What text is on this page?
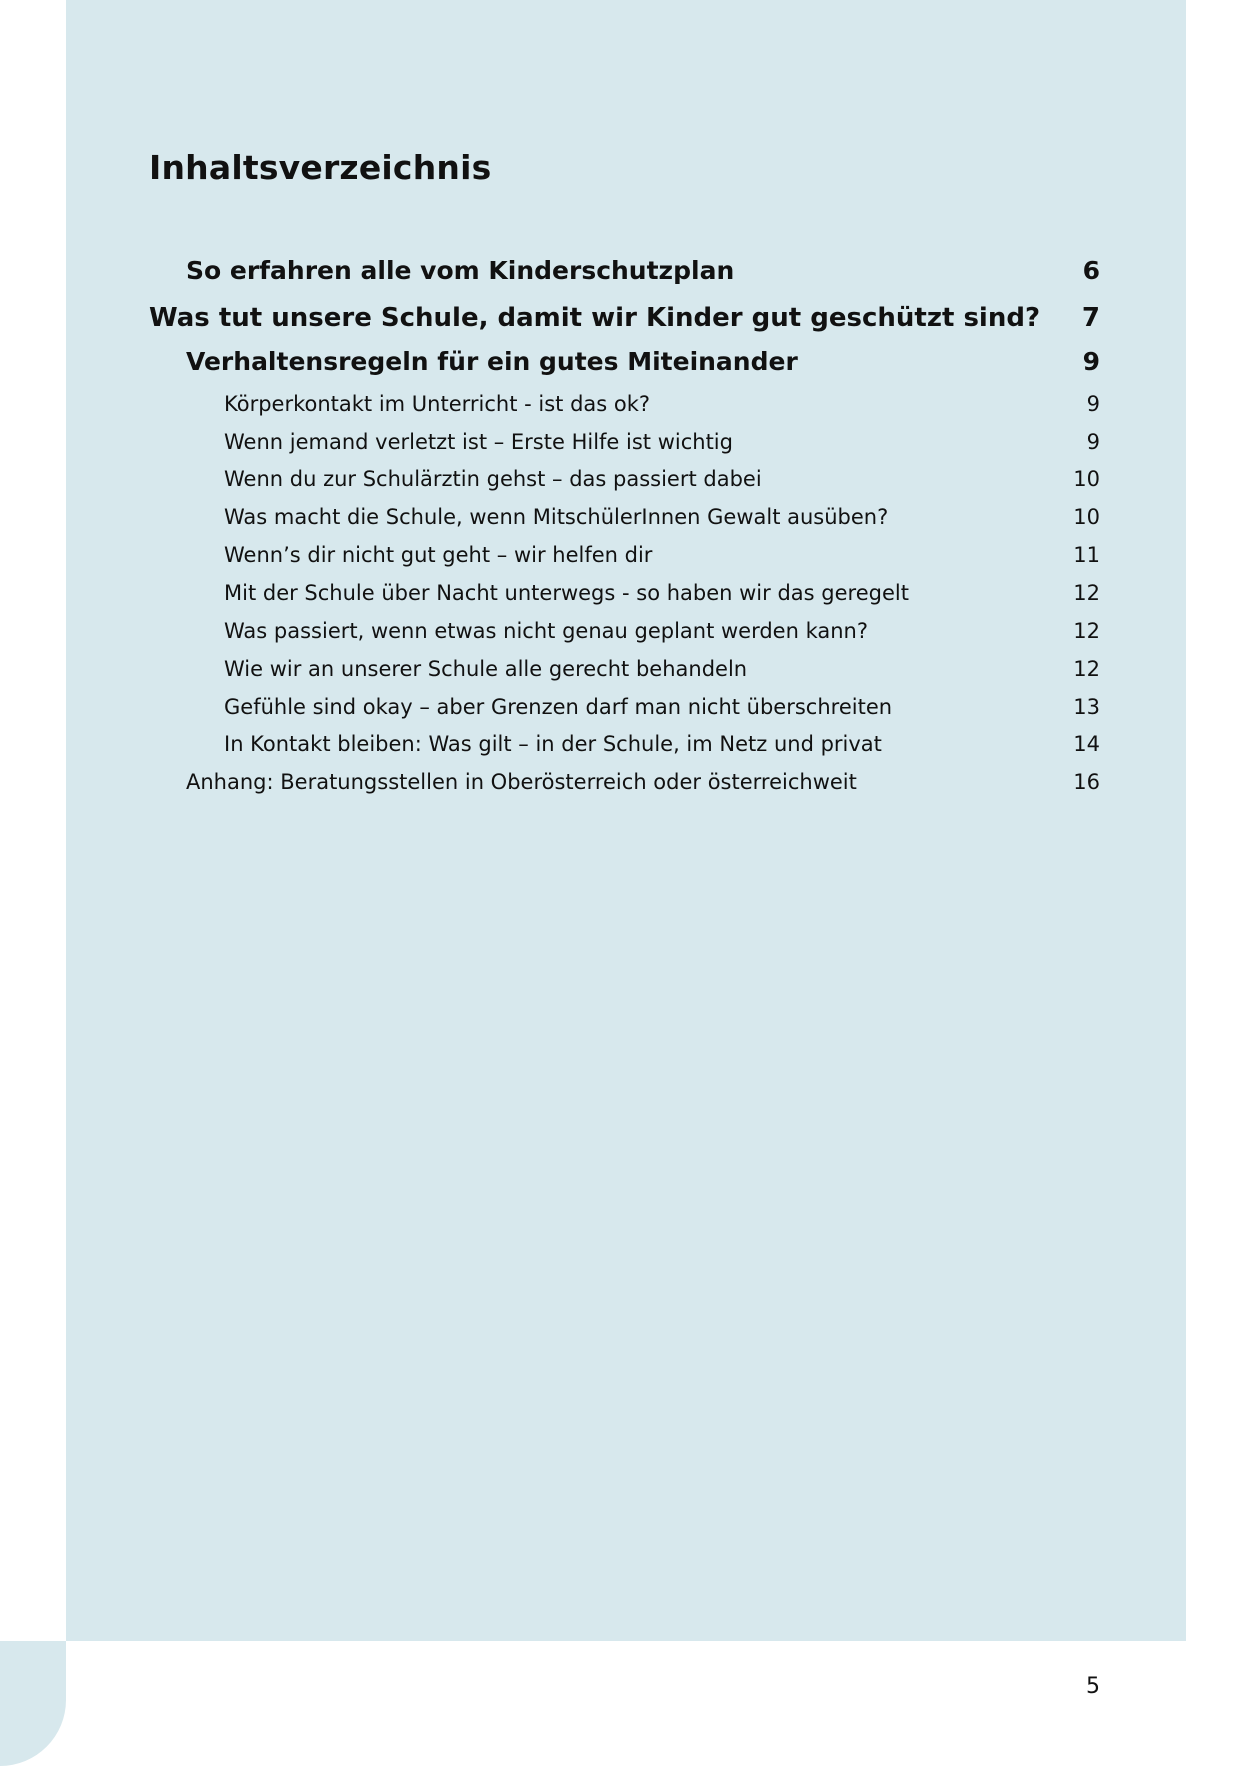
Inhaltsverzeichnis
So erfahren alle vom Kinderschutzplan	6
Was tut unsere Schule, damit wir Kinder gut geschützt sind?	7
Verhaltensregeln für ein gutes Miteinander	9
Körperkontakt im Unterricht - ist das ok?	9
Wenn jemand verletzt ist – Erste Hilfe ist wichtig	9
Wenn du zur Schulärztin gehst – das passiert dabei	10
Was macht die Schule, wenn MitschülerInnen Gewalt ausüben?	10
Wenn’s dir nicht gut geht – wir helfen dir	11
Mit der Schule über Nacht unterwegs - so haben wir das geregelt	12
Was passiert, wenn etwas nicht genau geplant werden kann?	12
Wie wir an unserer Schule alle gerecht behandeln	12
Gefühle sind okay – aber Grenzen darf man nicht überschreiten	13
In Kontakt bleiben: Was gilt – in der Schule, im Netz und privat	14
Anhang: Beratungsstellen in Oberösterreich oder österreichweit	16
5
